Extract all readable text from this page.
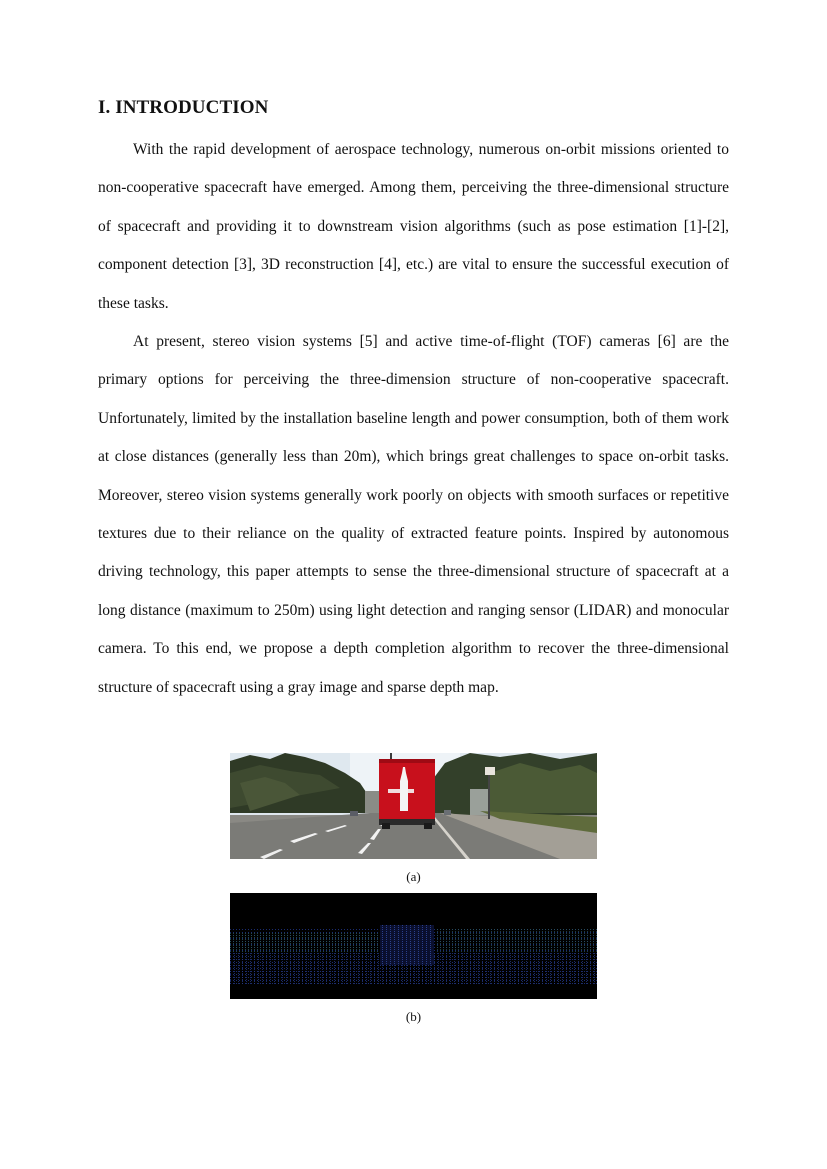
I. INTRODUCTION

With the rapid development of aerospace technology, numerous on-orbit missions oriented to non-cooperative spacecraft have emerged. Among them, perceiving the three-dimensional structure of spacecraft and providing it to downstream vision algorithms (such as pose estimation [1]-[2], component detection [3], 3D reconstruction [4], etc.) are vital to ensure the successful execution of these tasks.

At present, stereo vision systems [5] and active time-of-flight (TOF) cameras [6] are the primary options for perceiving the three-dimension structure of non-cooperative spacecraft. Unfortunately, limited by the installation baseline length and power consumption, both of them work at close distances (generally less than 20m), which brings great challenges to space on-orbit tasks. Moreover, stereo vision systems generally work poorly on objects with smooth surfaces or repetitive textures due to their reliance on the quality of extracted feature points. Inspired by autonomous driving technology, this paper attempts to sense the three-dimensional structure of spacecraft at a long distance (maximum to 250m) using light detection and ranging sensor (LIDAR) and monocular camera. To this end, we propose a depth completion algorithm to recover the three-dimensional structure of spacecraft using a gray image and sparse depth map.

(a)
(b)
